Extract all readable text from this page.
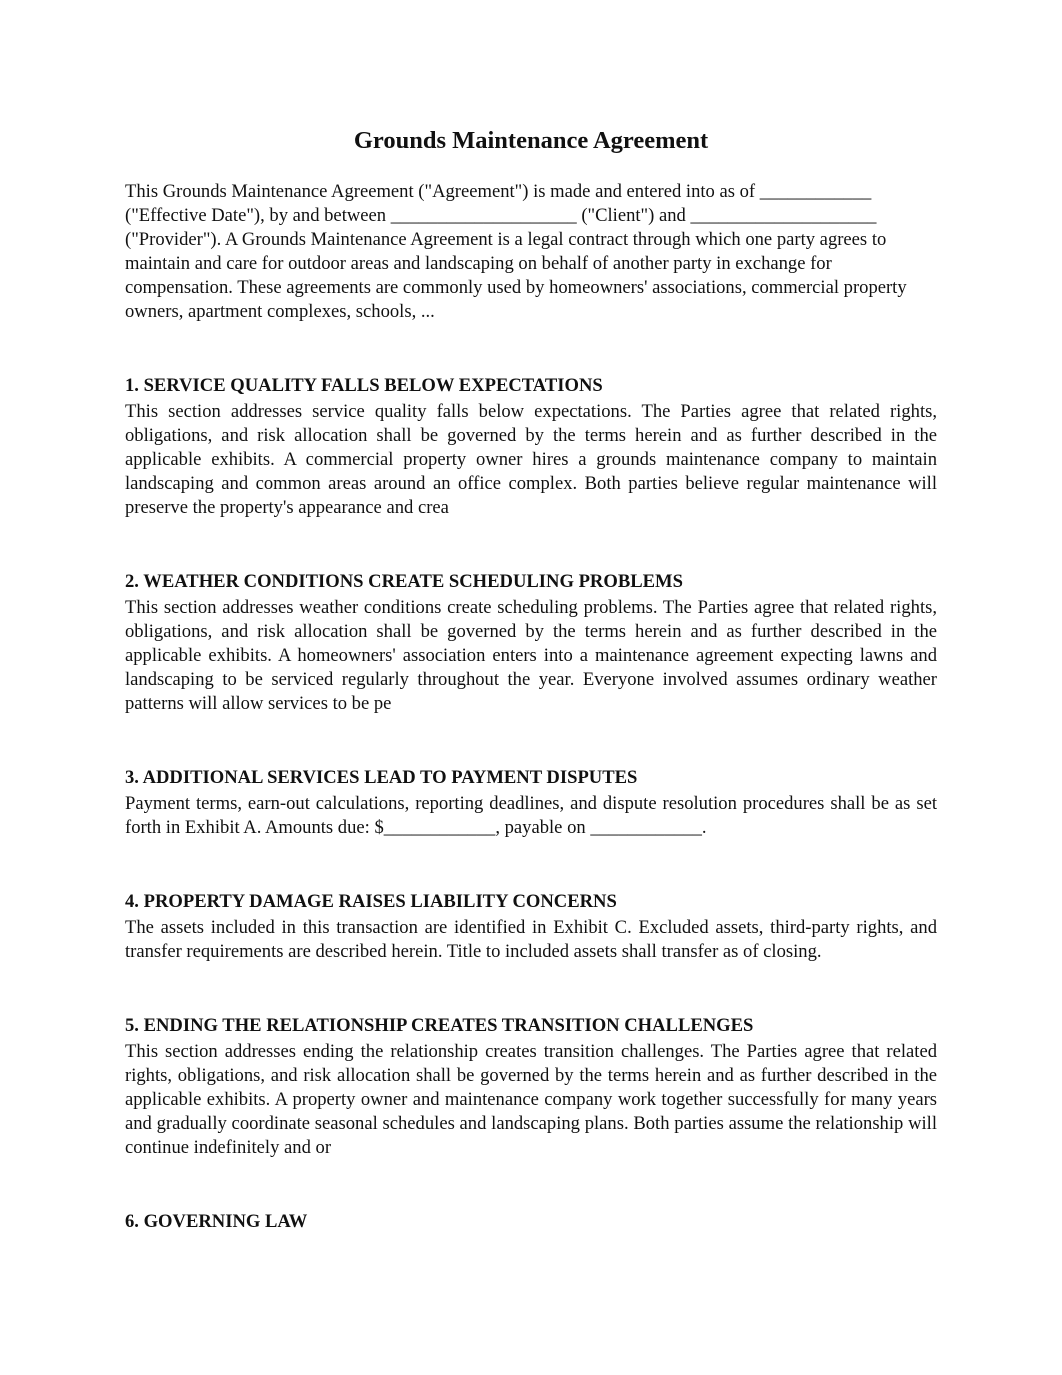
Grounds Maintenance Agreement

This Grounds Maintenance Agreement ("Agreement") is made and entered into as of ____________ ("Effective Date"), by and between ____________________ ("Client") and ____________________ ("Provider"). A Grounds Maintenance Agreement is a legal contract through which one party agrees to maintain and care for outdoor areas and landscaping on behalf of another party in exchange for compensation. These agreements are commonly used by homeowners' associations, commercial property owners, apartment complexes, schools, ...

1. SERVICE QUALITY FALLS BELOW EXPECTATIONS

This section addresses service quality falls below expectations. The Parties agree that related rights, obligations, and risk allocation shall be governed by the terms herein and as further described in the applicable exhibits. A commercial property owner hires a grounds maintenance company to maintain landscaping and common areas around an office complex. Both parties believe regular maintenance will preserve the property's appearance and crea

2. WEATHER CONDITIONS CREATE SCHEDULING PROBLEMS

This section addresses weather conditions create scheduling problems. The Parties agree that related rights, obligations, and risk allocation shall be governed by the terms herein and as further described in the applicable exhibits. A homeowners' association enters into a maintenance agreement expecting lawns and landscaping to be serviced regularly throughout the year. Everyone involved assumes ordinary weather patterns will allow services to be pe

3. ADDITIONAL SERVICES LEAD TO PAYMENT DISPUTES

Payment terms, earn-out calculations, reporting deadlines, and dispute resolution procedures shall be as set forth in Exhibit A. Amounts due: $____________, payable on ____________.

4. PROPERTY DAMAGE RAISES LIABILITY CONCERNS

The assets included in this transaction are identified in Exhibit C. Excluded assets, third-party rights, and transfer requirements are described herein. Title to included assets shall transfer as of closing.

5. ENDING THE RELATIONSHIP CREATES TRANSITION CHALLENGES

This section addresses ending the relationship creates transition challenges. The Parties agree that related rights, obligations, and risk allocation shall be governed by the terms herein and as further described in the applicable exhibits. A property owner and maintenance company work together successfully for many years and gradually coordinate seasonal schedules and landscaping plans. Both parties assume the relationship will continue indefinitely and or

6. GOVERNING LAW
